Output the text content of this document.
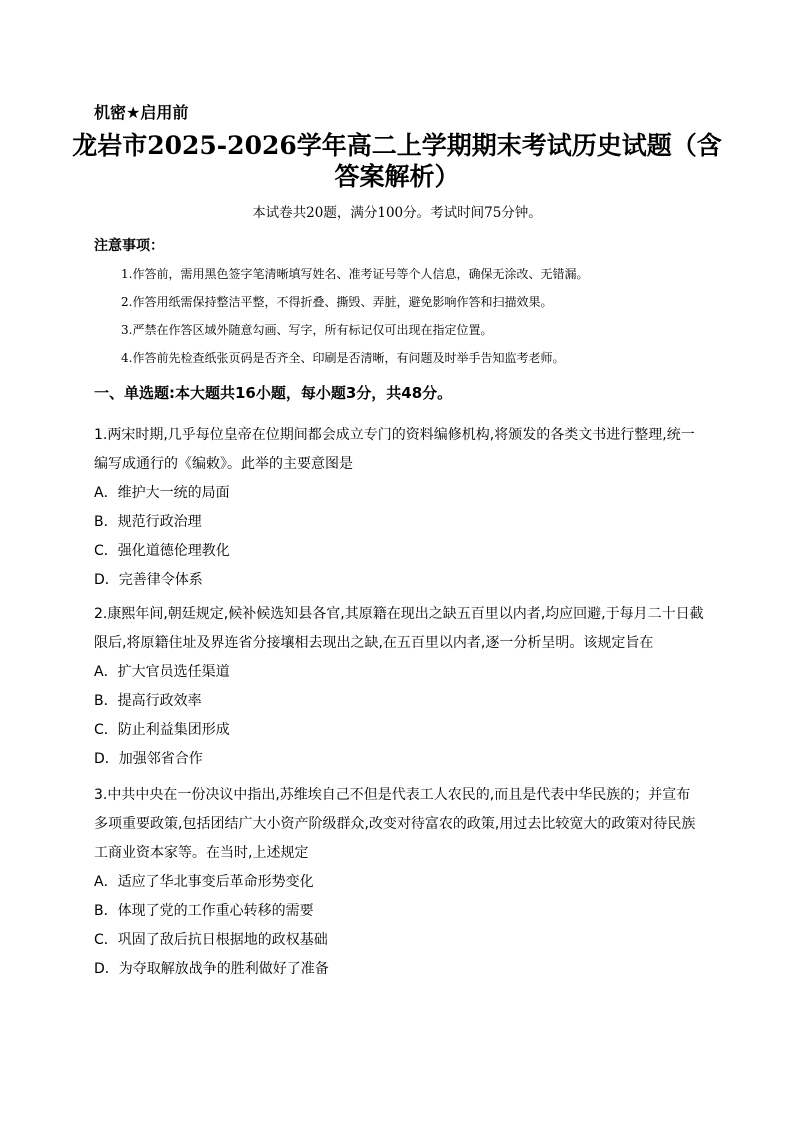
机密★启用前
龙岩市2025-2026学年高二上学期期末考试历史试题（含
答案解析）
本试卷共20题，满分100分。考试时间75分钟。
注意事项：
1.作答前，需用黑色签字笔清晰填写姓名、准考证号等个人信息，确保无涂改、无错漏。
2.作答用纸需保持整洁平整，不得折叠、撕毁、弄脏，避免影响作答和扫描效果。
3.严禁在作答区域外随意勾画、写字，所有标记仅可出现在指定位置。
4.作答前先检查纸张页码是否齐全、印刷是否清晰，有问题及时举手告知监考老师。
一、单选题:本大题共16小题，每小题3分，共48分。
1.两宋时期,几乎每位皇帝在位期间都会成立专门的资料编修机构,将颁发的各类文书进行整理,统一
编写成通行的《编敕》。此举的主要意图是
A．维护大一统的局面
B．规范行政治理
C．强化道德伦理教化
D．完善律令体系
2.康熙年间,朝廷规定,候补候选知县各官,其原籍在现出之缺五百里以内者,均应回避,于每月二十日截
限后,将原籍住址及界连省分接壤相去现出之缺,在五百里以内者,逐一分析呈明。该规定旨在
A．扩大官员选任渠道
B．提高行政效率
C．防止利益集团形成
D．加强邻省合作
3.中共中央在一份决议中指出,苏维埃自己不但是代表工人农民的,而且是代表中华民族的；并宣布
多项重要政策,包括团结广大小资产阶级群众,改变对待富农的政策,用过去比较宽大的政策对待民族
工商业资本家等。在当时,上述规定
A．适应了华北事变后革命形势变化
B．体现了党的工作重心转移的需要
C．巩固了敌后抗日根据地的政权基础
D．为夺取解放战争的胜利做好了准备
